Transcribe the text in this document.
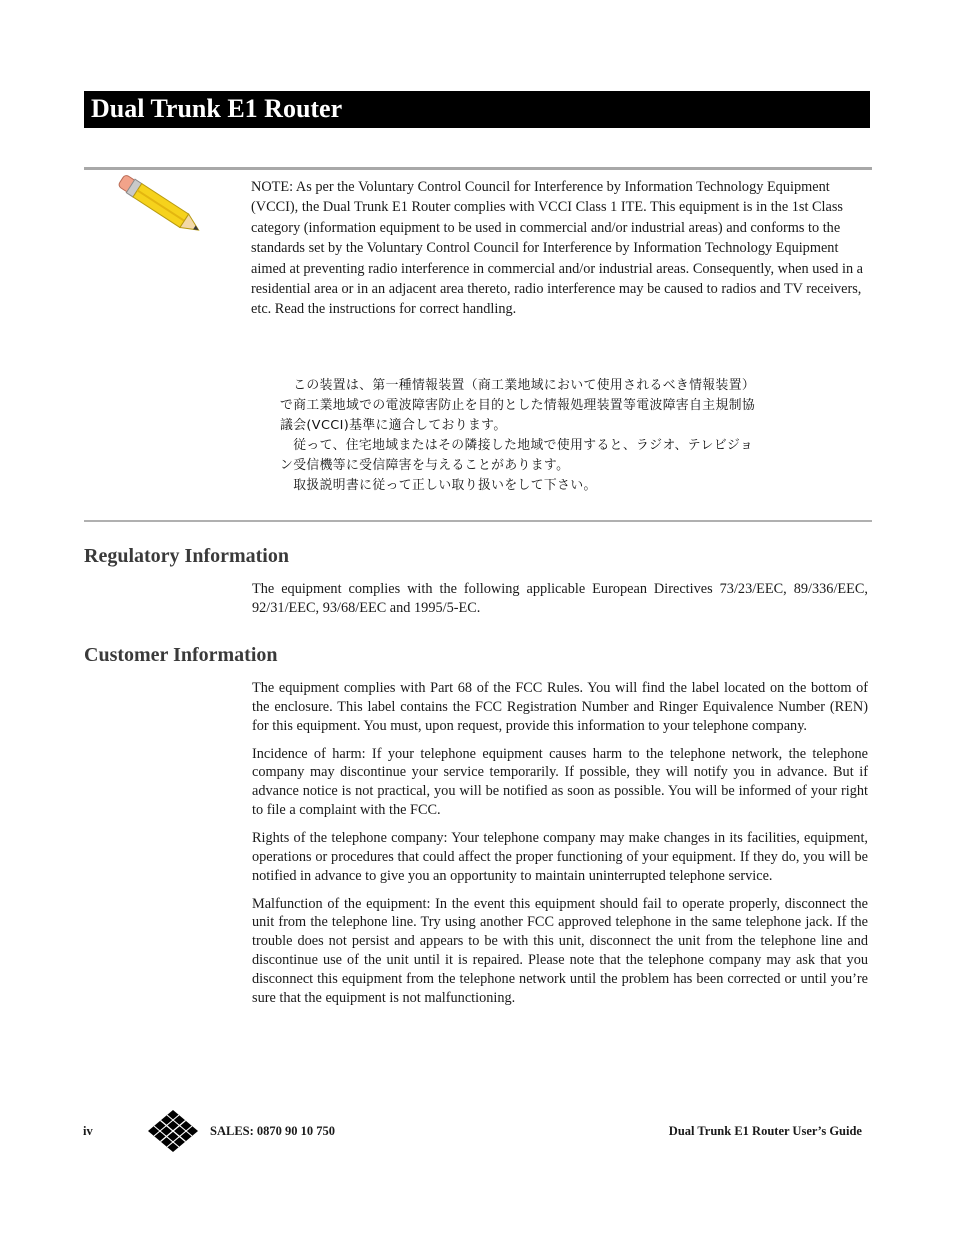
Dual Trunk E1 Router

NOTE: As per the Voluntary Control Council for Interference by Information Technology Equipment (VCCI), the Dual Trunk E1 Router complies with VCCI Class 1 ITE. This equipment is in the 1st Class category (information equipment to be used in commercial and/or industrial areas) and conforms to the standards set by the Voluntary Control Council for Interference by Information Technology Equipment aimed at preventing radio interference in commercial and/or industrial areas. Consequently, when used in a residential area or in an adjacent area thereto, radio interference may be caused to radios and TV receivers, etc. Read the instructions for correct handling.

　この装置は、第一種情報装置（商工業地域において使用されるべき情報装置）
で商工業地域での電波障害防止を目的とした情報処理装置等電波障害自主規制協
議会(VCCI)基準に適合しております。
　従って、住宅地域またはその隣接した地域で使用すると、ラジオ、テレビジョ
ン受信機等に受信障害を与えることがあります。
　取扱説明書に従って正しい取り扱いをして下さい。
Regulatory Information

The equipment complies with the following applicable European Directives 73/23/EEC, 89/336/EEC, 92/31/EEC, 93/68/EEC and 1995/5-EC.

Customer Information

The equipment complies with Part 68 of the FCC Rules. You will find the label located on the bottom of the enclosure. This label contains the FCC Registration Number and Ringer Equivalence Number (REN) for this equipment. You must, upon request, provide this information to your telephone company.

Incidence of harm: If your telephone equipment causes harm to the telephone network, the telephone company may discontinue your service temporarily. If possible, they will notify you in advance. But if advance notice is not practical, you will be notified as soon as possible. You will be informed of your right to file a complaint with the FCC.

Rights of the telephone company: Your telephone company may make changes in its facilities, equipment, operations or procedures that could affect the proper functioning of your equipment. If they do, you will be notified in advance to give you an opportunity to maintain uninterrupted telephone service.

Malfunction of the equipment: In the event this equipment should fail to operate properly, disconnect the unit from the telephone line. Try using another FCC approved telephone in the same telephone jack. If the trouble does not persist and appears to be with this unit, disconnect the unit from the telephone line and discontinue use of the unit until it is repaired. Please note that the telephone company may ask that you disconnect this equipment from the telephone network until the problem has been corrected or until you’re sure that the equipment is not malfunctioning.

iv	SALES: 0870 90 10 750	Dual Trunk E1 Router User’s Guide
